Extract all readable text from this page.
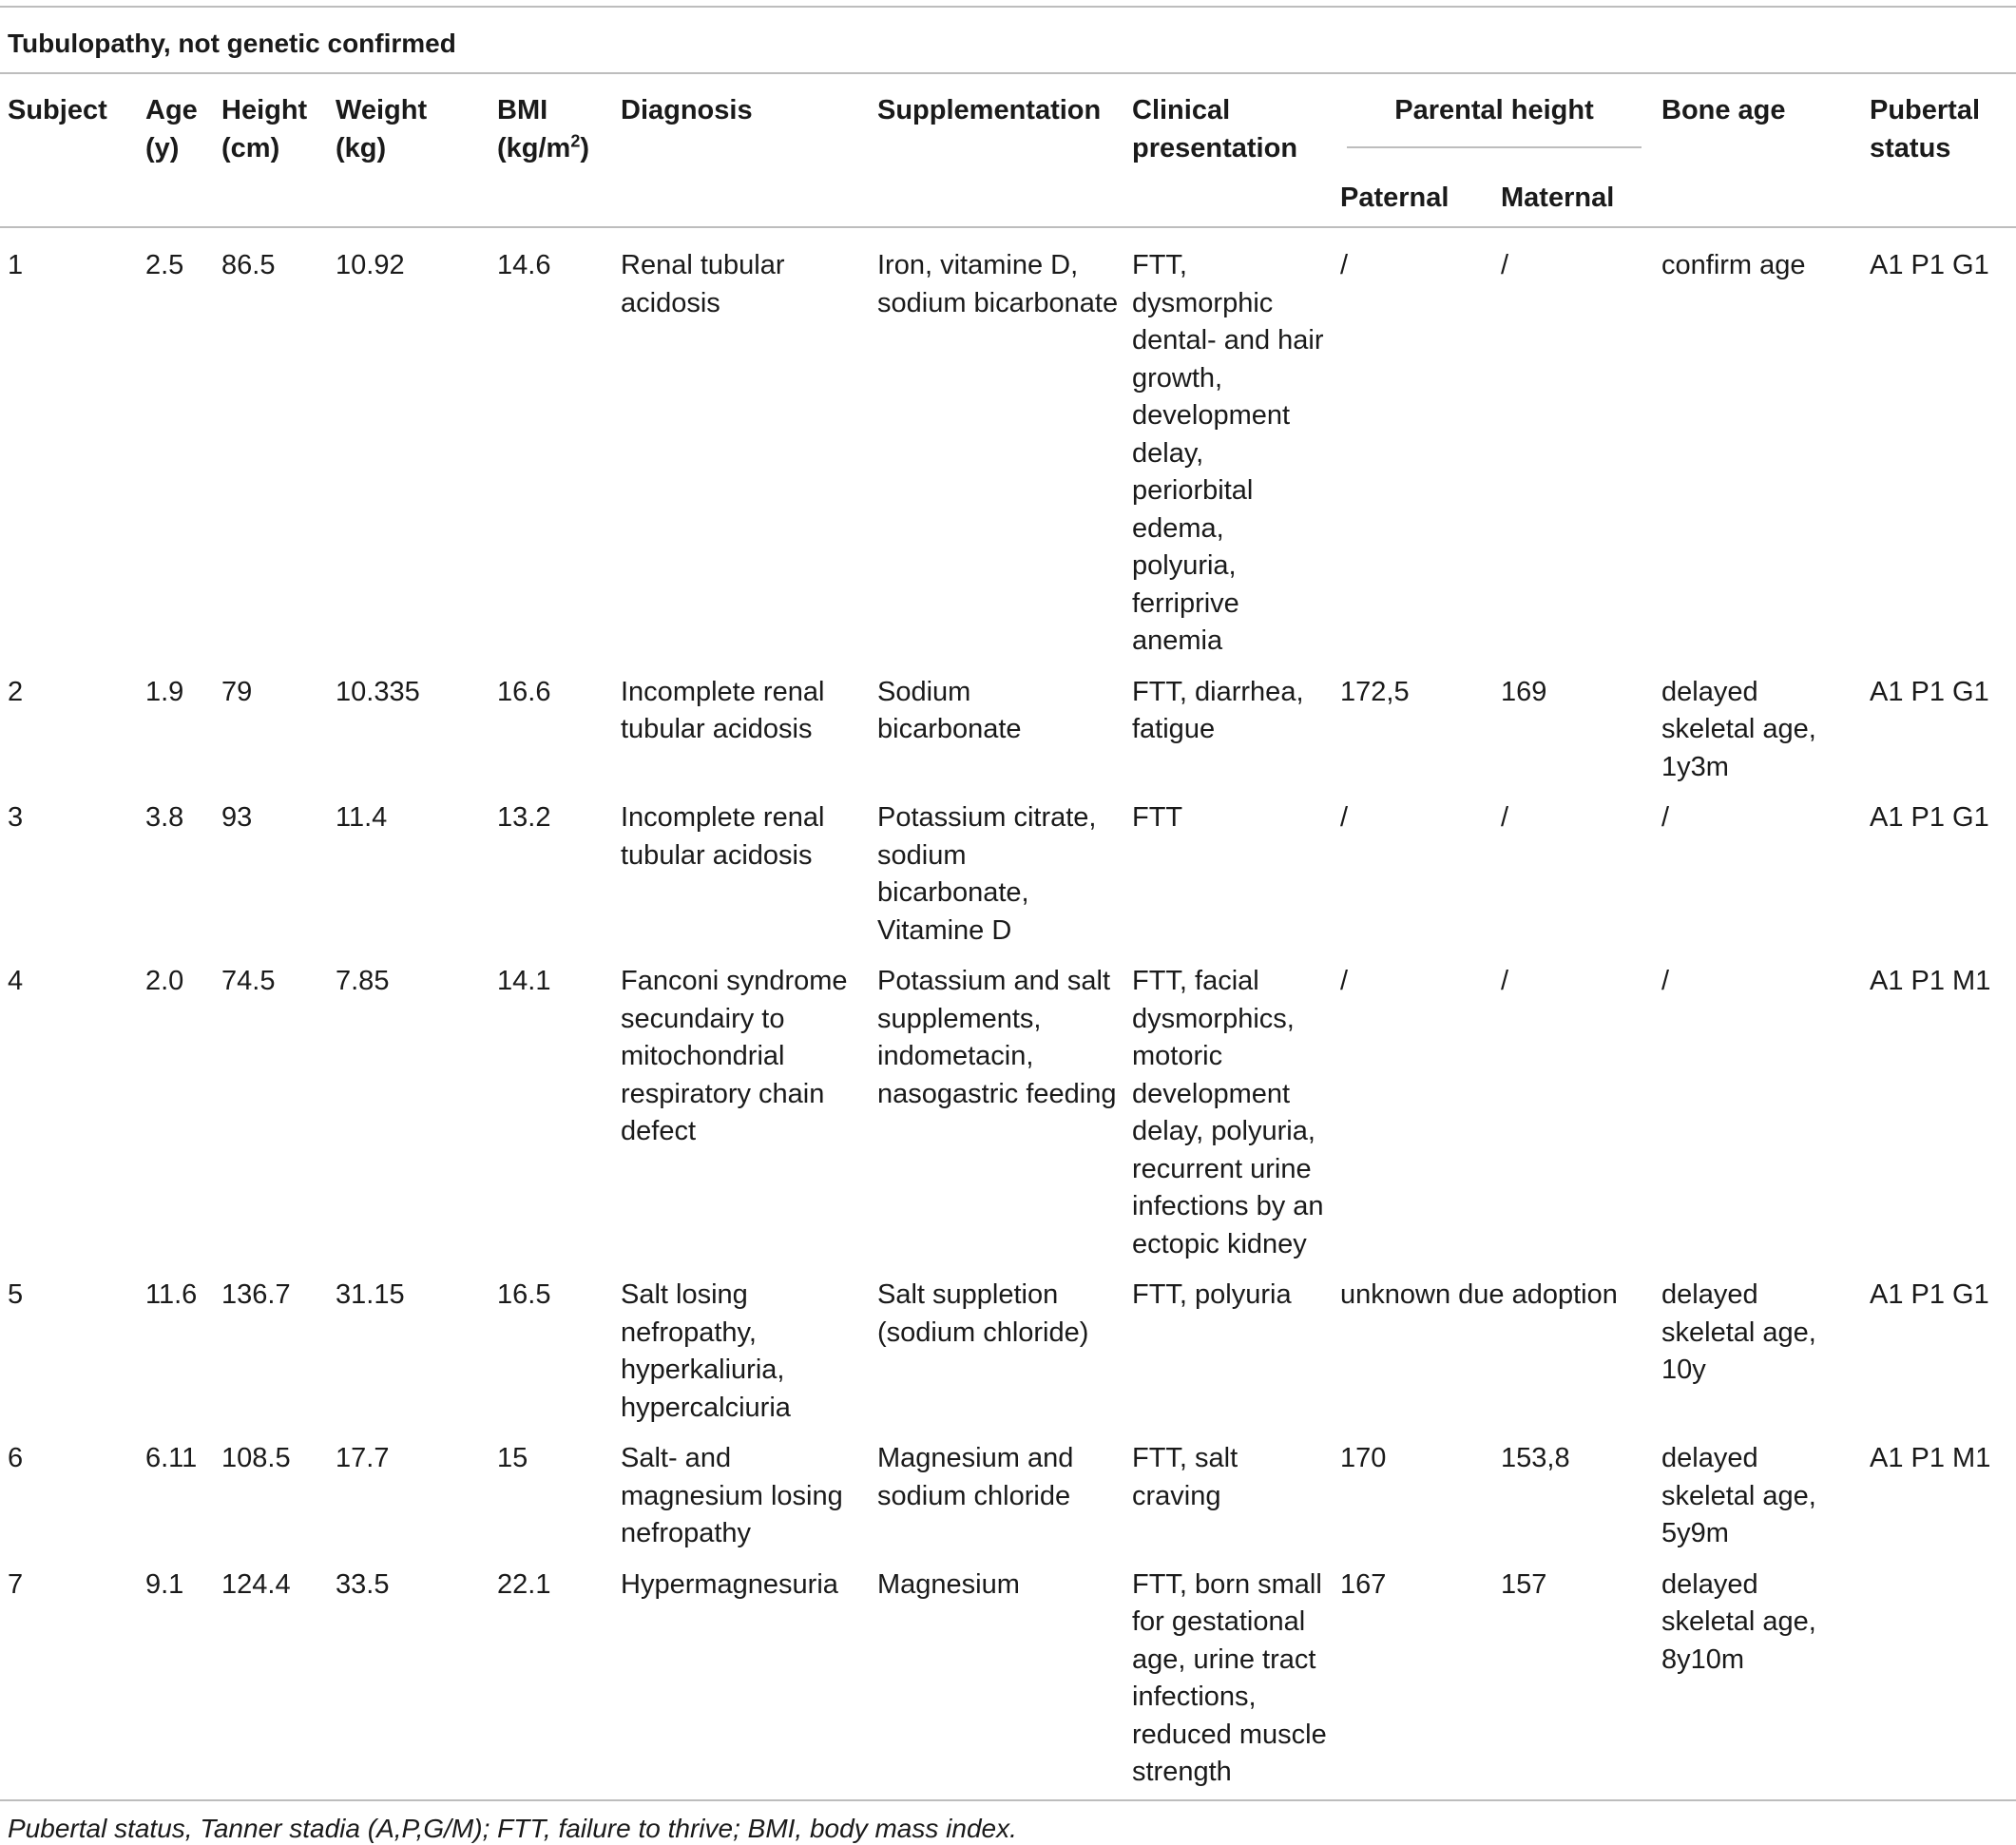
Tubulopathy, not genetic confirmed
Subject	Age (y)	Height (cm)	Weight (kg)	BMI $(kg/m^2)$	Diagnosis	Supplementation	Clinical presentation	Parental height		Bone age	Pubertal status
								Paternal	Maternal		
1	2.5	86.5	10.92	14.6	Renal tubular acidosis	Iron, vitamine D, sodium bicarbonate	FTT, dysmorphic dental- and hair growth, development delay, periorbital edema, polyuria, ferriprive anemia	/	/	confirm age	A1 P1 G1
2	1.9	79	10.335	16.6	Incomplete renal tubular acidosis	Sodium bicarbonate	FTT, diarrhea, fatigue	172,5	169	delayed skeletal age, 1y3m	A1 P1 G1
3	3.8	93	11.4	13.2	Incomplete renal tubular acidosis	Potassium citrate, sodium bicarbonate, Vitamine D	FTT	/	/	/	A1 P1 G1
4	2.0	74.5	7.85	14.1	Fanconi syndrome secundairy to mitochondrial respiratory chain defect	Potassium and salt supplements, indometacin, nasogastric feeding	FTT, facial dysmorphics, motoric development delay, polyuria, recurrent urine infections by an ectopic kidney	/	/	/	A1 P1 M1
5	11.6	136.7	31.15	16.5	Salt losing nefropathy, hyperkaliuria, hypercalciuria	Salt suppletion (sodium chloride)	FTT, polyuria	unknown due adoption		delayed skeletal age, 10y	A1 P1 G1
6	6.11	108.5	17.7	15	Salt- and magnesium losing nefropathy	Magnesium and sodium chloride	FTT, salt craving	170	153,8	delayed skeletal age, 5y9m	A1 P1 M1
7	9.1	124.4	33.5	22.1	Hypermagnesuria	Magnesium	FTT, born small for gestational age, urine tract infections, reduced muscle strength	167	157	delayed skeletal age, 8y10m	
Pubertal status, Tanner stadia (A,P,G/M); FTT, failure to thrive; BMI, body mass index.
